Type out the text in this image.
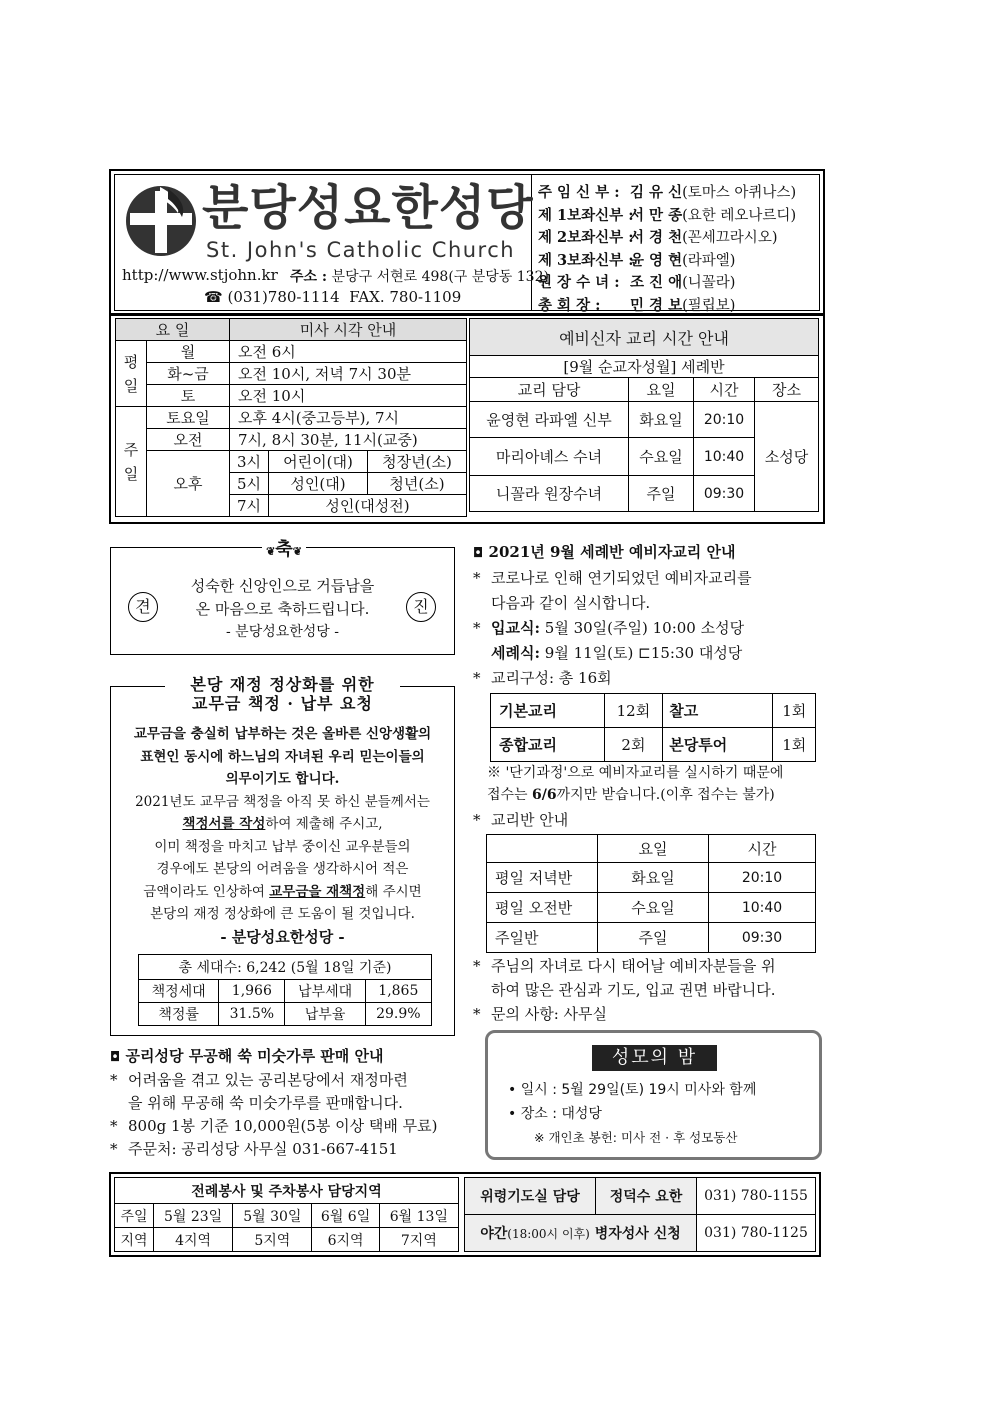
분당성요한성당
St. John's Catholic Church
http://www.stjohn.kr 주소 : 분당구 서현로 498(구 분당동 132)
☎ (031)780-1114 FAX. 780-1109
주 임 신 부 : 김 유 신(토마스 아퀴나스)
제 1보좌신부 :서 만 종(요한 레오나르디)
제 2보좌신부 :서 경 천(꼰세끄라시오)
제 3보좌신부 :윤 영 현(라파엘)
원 장 수 녀 : 조 진 애(니꼴라)
총 회 장 : 민 경 보(필립보)
요 일		미사 시각 안내		
평일	월	오전 6시		
	화~금	오전 10시, 저녁 7시 30분		
	토	오전 10시		
주일	토요일	오후 4시(중고등부), 7시		
	오전	7시, 8시 30분, 11시(교중)		
	오후	3시	어린이(대)	청장년(소)
		5시	성인(대)	청년(소)
		7시	성인(대성전)	
예비신자 교리 시간 안내			
[9월 순교자성월] 세례반			
교리 담당	요일	시간	장소
윤영현 라파엘 신부	화요일	20:10	소성당
마리아녜스 수녀	수요일	10:40	
니꼴라 원장수녀	주일	09:30	
❦축❦
견	진
성숙한 신앙인으로 거듭남을
온 마음으로 축하드립니다.
- 분당성요한성당 -
본당 재정 정상화를 위한
교무금 책정 · 납부 요청
교무금을 충실히 납부하는 것은 올바른 신앙생활의
표현인 동시에 하느님의 자녀된 우리 믿는이들의
의무이기도 합니다.
2021년도 교무금 책정을 아직 못 하신 분들께서는
책정서를 작성하여 제출해 주시고,
이미 책정을 마치고 납부 중이신 교우분들의
경우에도 본당의 어려움을 생각하시어 적은
금액이라도 인상하여 교무금을 재책정해 주시면
본당의 재정 정상화에 큰 도움이 될 것입니다.
- 분당성요한성당 -
총 세대수: 6,242 (5월 18일 기준)			
책정세대	1,966	납부세대	1,865
책정률	31.5%	납부율	29.9%
◘ 공리성당 무공해 쑥 미숫가루 판매 안내
* 어려움을 겪고 있는 공리본당에서 재정마련
을 위해 무공해 쑥 미숫가루를 판매합니다.
* 800g 1봉 기준 10,000원(5봉 이상 택배 무료)
* 주문처: 공리성당 사무실 031-667-4151
◘ 2021년 9월 세례반 예비자교리 안내
* 코로나로 인해 연기되었던 예비자교리를
다음과 같이 실시합니다.
* 입교식: 5월 30일(주일) 10:00 소성당
세례식: 9월 11일(토) ⊏15:30 대성당
* 교리구성: 총 16회
기본교리	12회	찰고	1회
종합교리	2회	본당투어	1회
※ '단기과정'으로 예비자교리를 실시하기 때문에
접수는 6/6까지만 받습니다.(이후 접수는 불가)
* 교리반 안내
	요일	시간
평일 저녁반	화요일	20:10
평일 오전반	수요일	10:40
주일반	주일	09:30
* 주님의 자녀로 다시 태어날 예비자분들을 위
하여 많은 관심과 기도, 입교 권면 바랍니다.
* 문의 사항: 사무실
성모의 밤
• 일시 : 5월 29일(토) 19시 미사와 함께
• 장소 : 대성당
※ 개인초 봉헌: 미사 전 · 후 성모동산
전례봉사 및 주차봉사 담당지역				
주일	5월 23일	5월 30일	6월 6일	6월 13일
지역	4지역	5지역	6지역	7지역
위령기도실 담당	정덕수 요한	031) 780-1155
야간(18:00시 이후) 병자성사 신청		031) 780-1125
